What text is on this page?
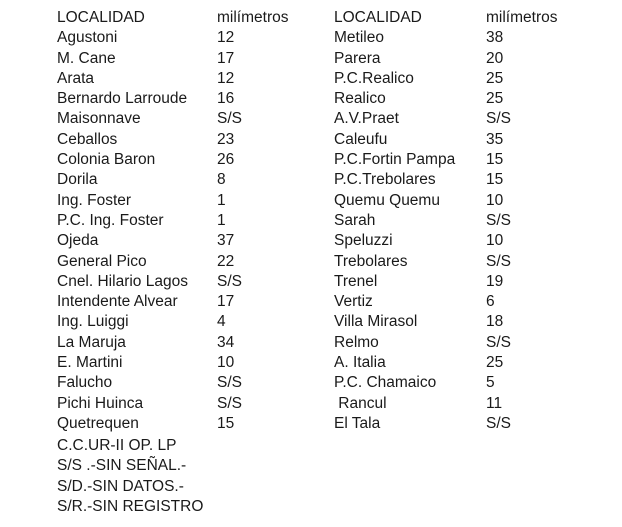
LOCALIDAD
Agustoni
M. Cane
Arata
Bernardo Larroude
Maisonnave
Ceballos
Colonia Baron
Dorila
Ing. Foster
P.C. Ing. Foster
Ojeda
General Pico
Cnel. Hilario Lagos
Intendente Alvear
Ing. Luiggi
La Maruja
E. Martini
Falucho
Pichi Huinca
Quetrequen
milímetros
12
17
12
16
S/S
23
26
8
1
1
37
22
S/S
17
4
34
10
S/S
S/S
15
LOCALIDAD
Metileo
Parera
P.C.Realico
Realico
A.V.Praet
Caleufu
P.C.Fortin Pampa
P.C.Trebolares
Quemu Quemu
Sarah
Speluzzi
Trebolares
Trenel
Vertiz
Villa Mirasol
Relmo
A. Italia
P.C. Chamaico
Rancul
El Tala
milímetros
38
20
25
25
S/S
35
15
15
10
S/S
10
S/S
19
6
18
S/S
25
5
11
S/S
C.C.UR-II OP. LP
S/S .-SIN SEÑAL.-
S/D.-SIN DATOS.-
S/R.-SIN REGISTRO
